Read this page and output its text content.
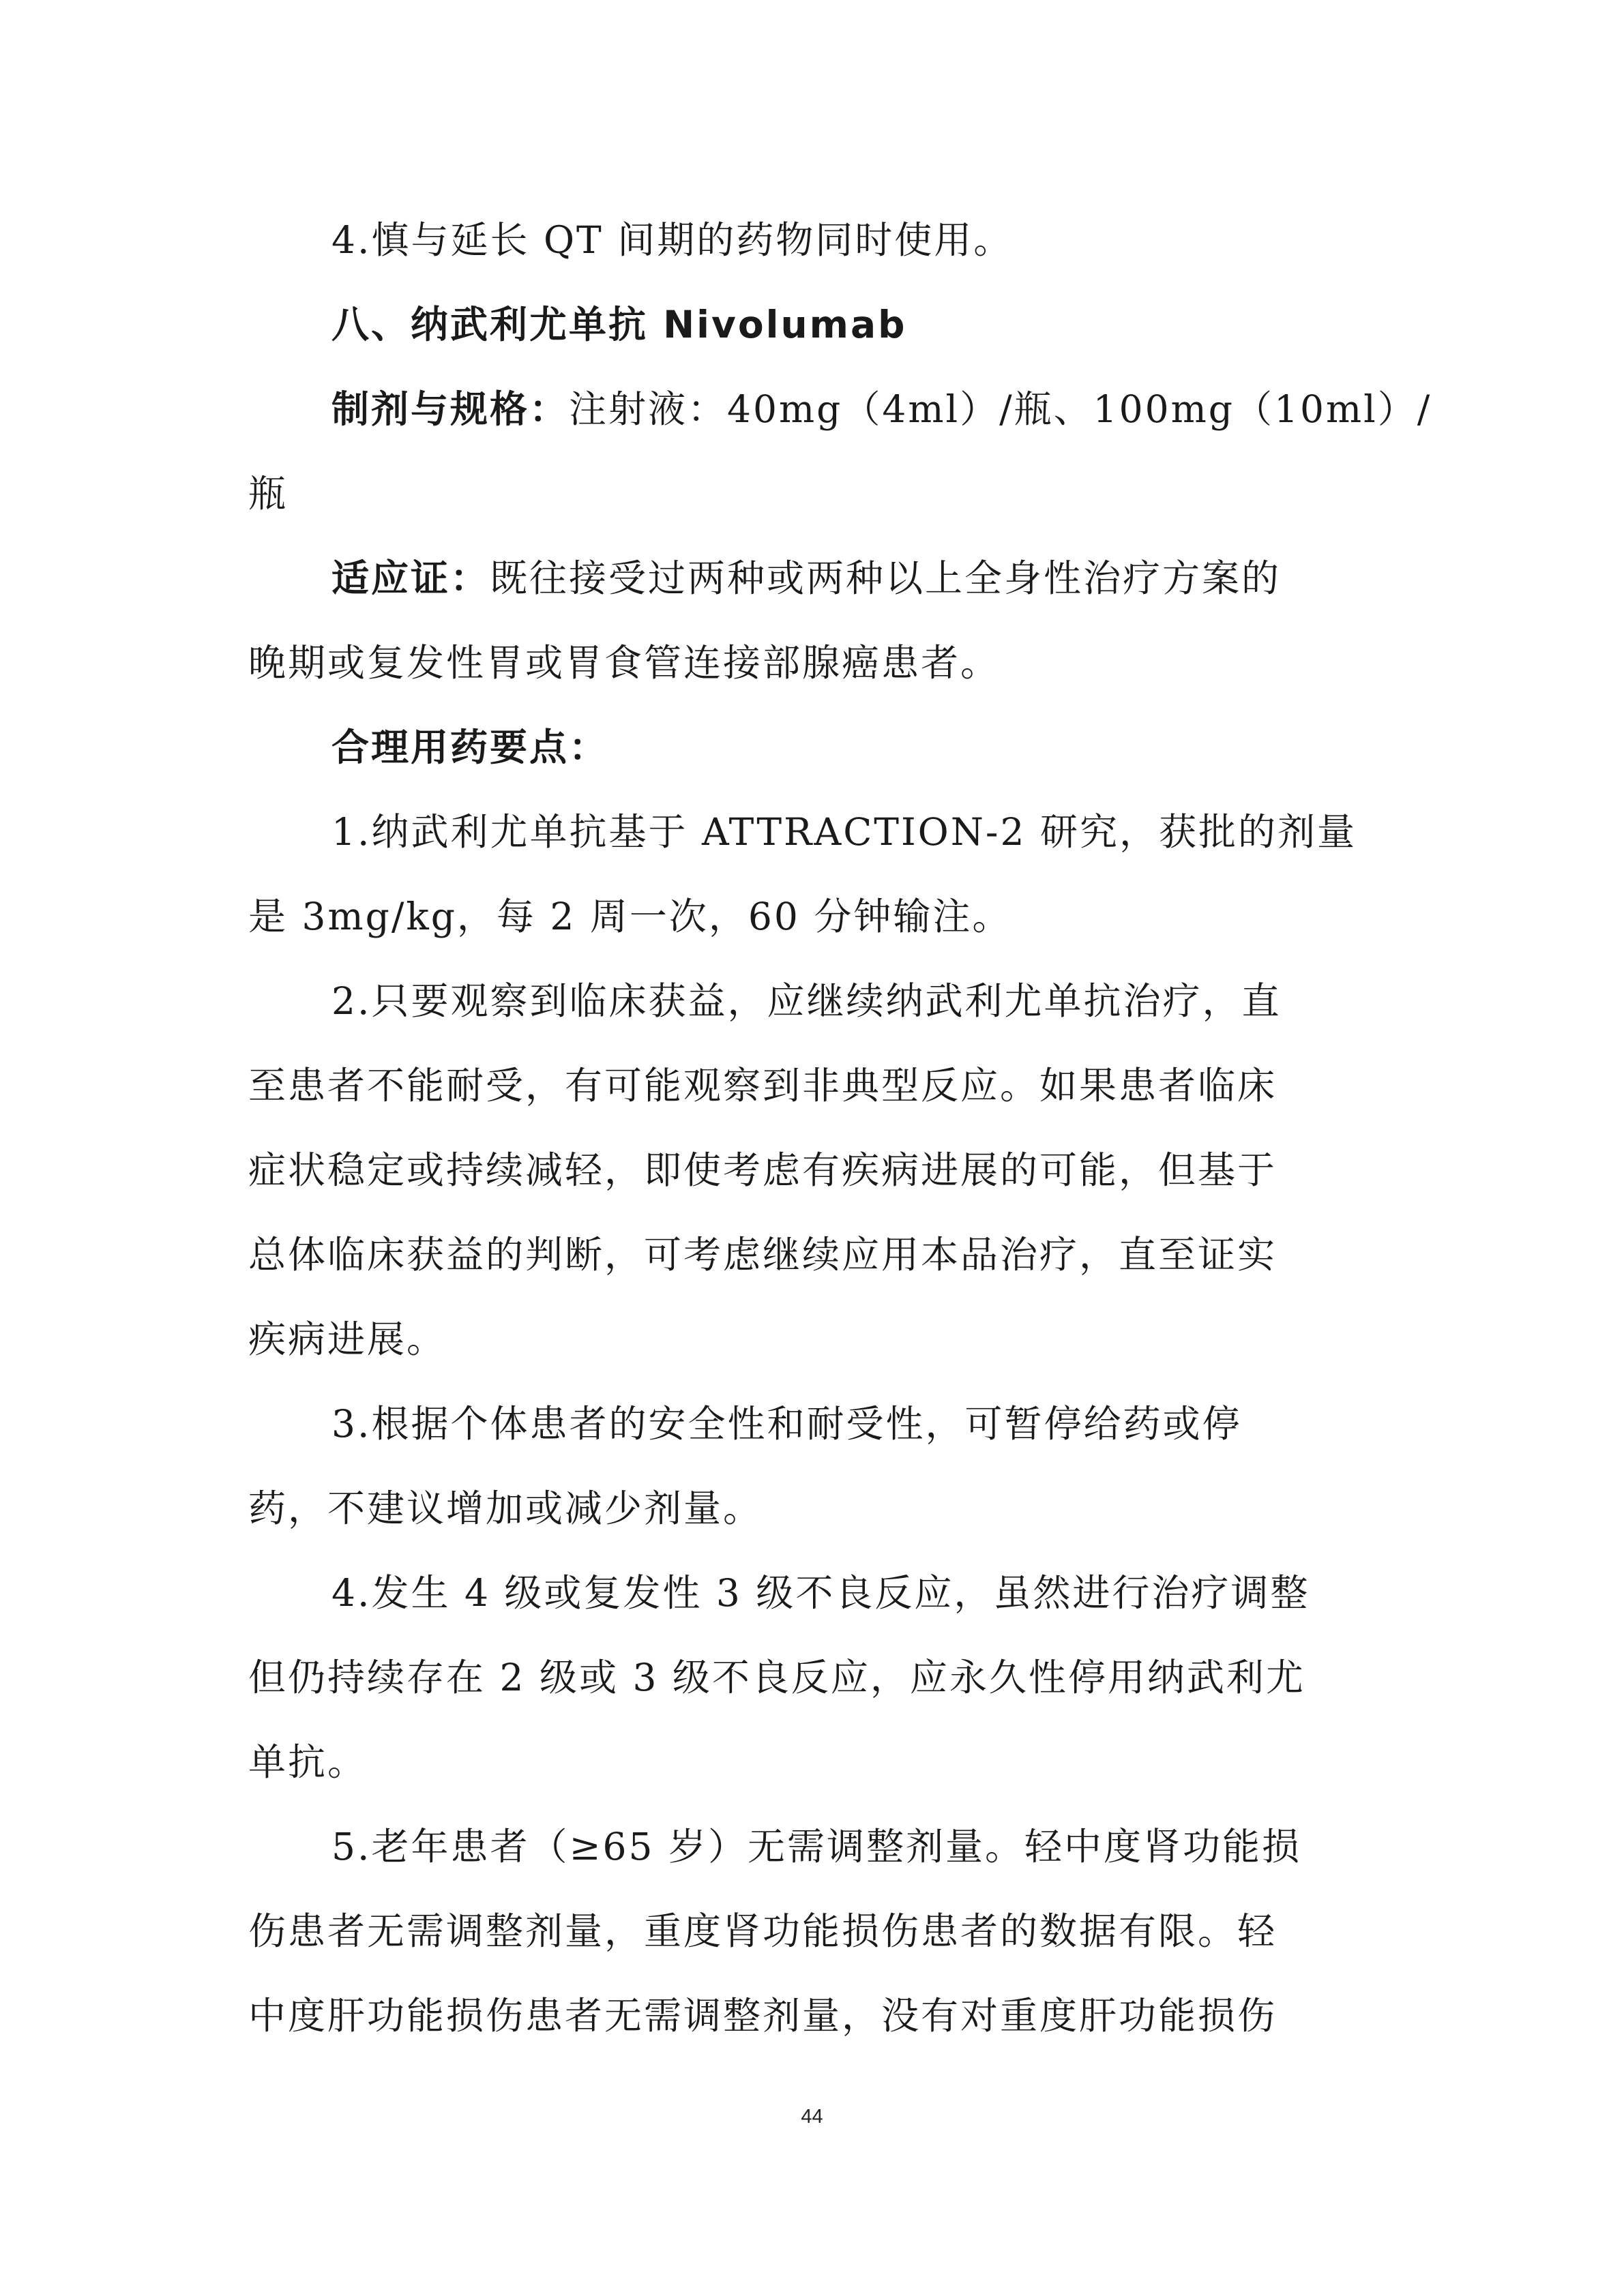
4.慎与延长 QT 间期的药物同时使用。
八、纳武利尤单抗 Nivolumab
制剂与规格：注射液：40mg（4ml）/瓶、100mg（10ml）/
瓶
适应证：既往接受过两种或两种以上全身性治疗方案的
晚期或复发性胃或胃食管连接部腺癌患者。
合理用药要点：
1.纳武利尤单抗基于 ATTRACTION-2 研究，获批的剂量
是 3mg/kg，每 2 周一次，60 分钟输注。
2.只要观察到临床获益，应继续纳武利尤单抗治疗，直
至患者不能耐受，有可能观察到非典型反应。如果患者临床
症状稳定或持续减轻，即使考虑有疾病进展的可能，但基于
总体临床获益的判断，可考虑继续应用本品治疗，直至证实
疾病进展。
3.根据个体患者的安全性和耐受性，可暂停给药或停
药，不建议增加或减少剂量。
4.发生 4 级或复发性 3 级不良反应，虽然进行治疗调整
但仍持续存在 2 级或 3 级不良反应，应永久性停用纳武利尤
单抗。
5.老年患者（≥65 岁）无需调整剂量。轻中度肾功能损
伤患者无需调整剂量，重度肾功能损伤患者的数据有限。轻
中度肝功能损伤患者无需调整剂量，没有对重度肝功能损伤
44
